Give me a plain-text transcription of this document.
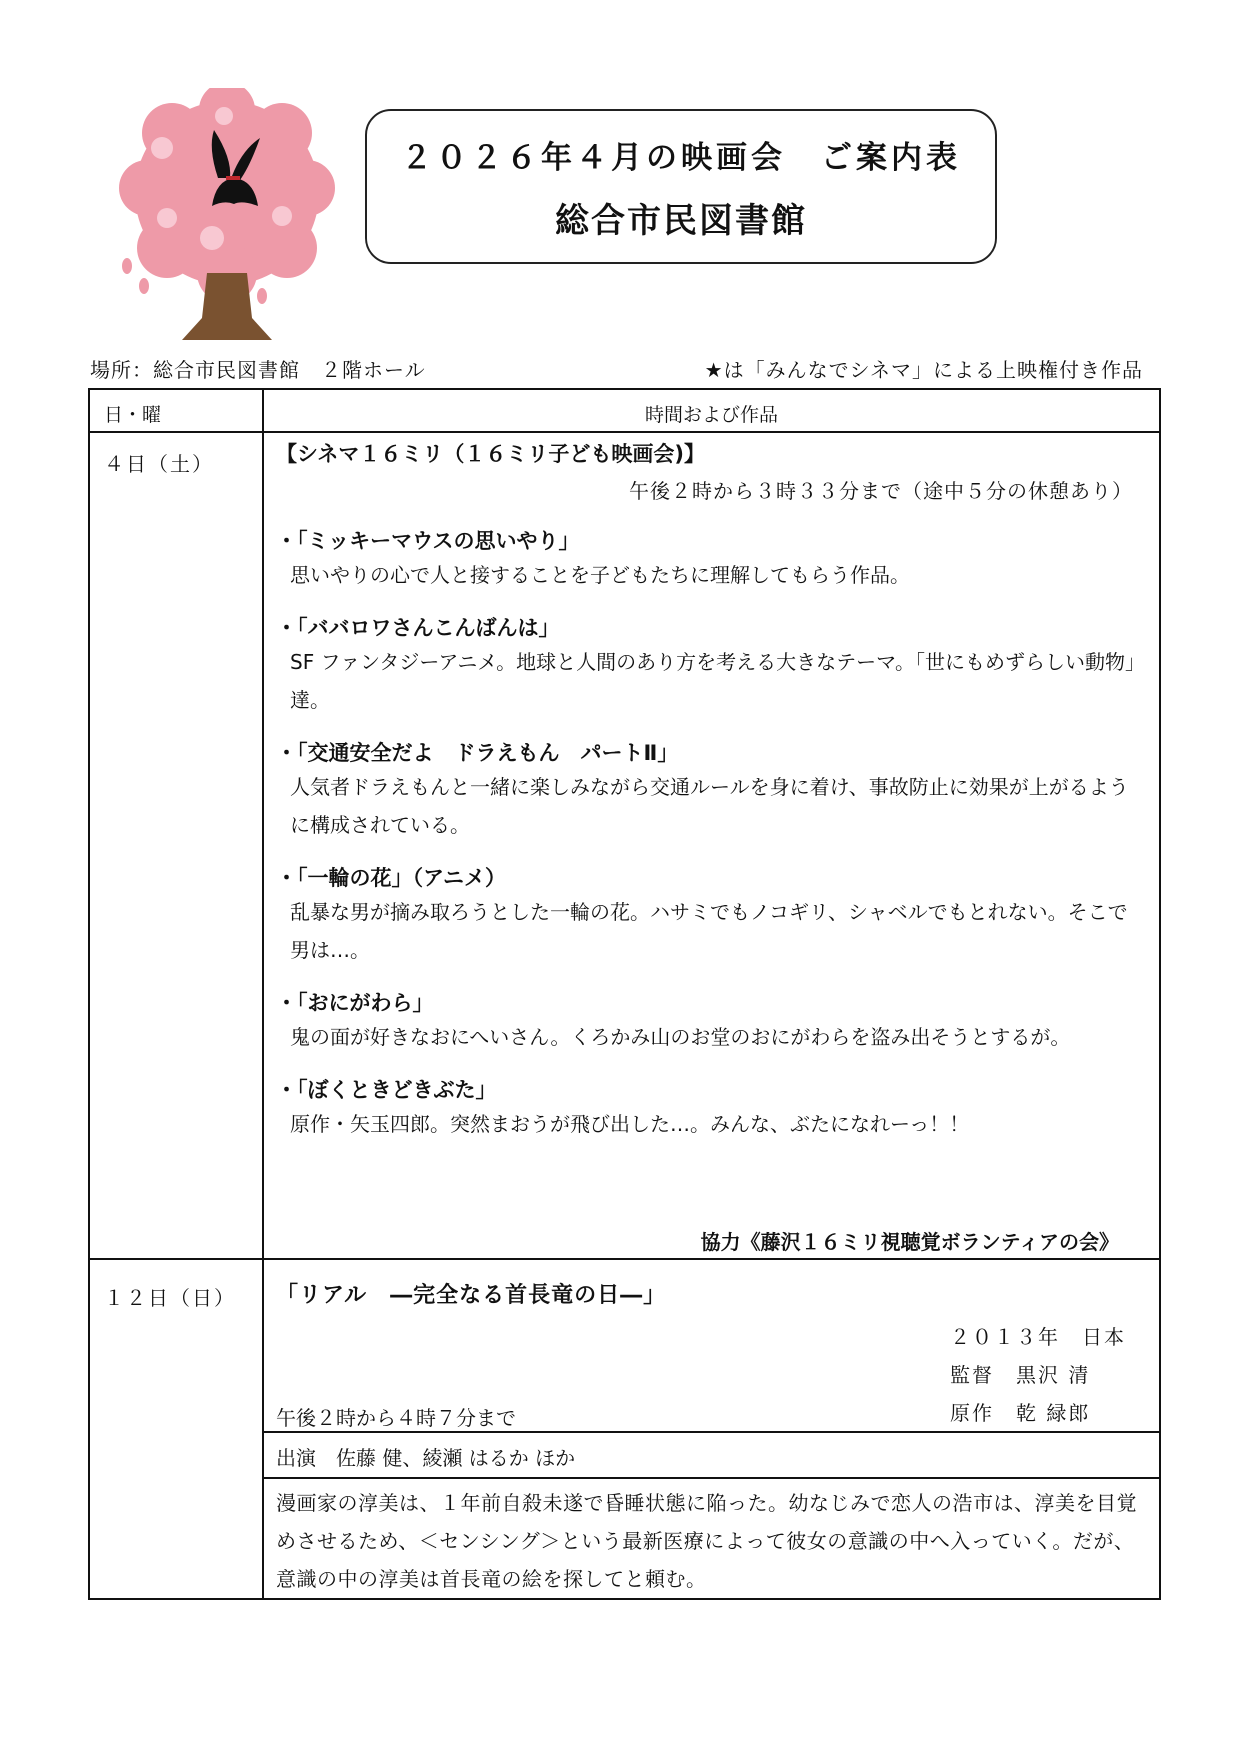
２０２６年４月の映画会　ご案内表
総合市民図書館
場所：総合市民図書館　２階ホール	★は「みんなでシネマ」による上映権付き作品
日・曜	時間および作品
４日（土）	【シネマ１６ミリ（１６ミリ子ども映画会)】
午後２時から３時３３分まで（途中５分の休憩あり）
・「ミッキーマウスの思いやり」
思いやりの心で人と接することを子どもたちに理解してもらう作品。
・「ババロワさんこんばんは」
SF ファンタジーアニメ。地球と人間のあり方を考える大きなテーマ。「世にもめずらしい動物」達。
・「交通安全だよ　ドラえもん　パートⅡ」
人気者ドラえもんと一緒に楽しみながら交通ルールを身に着け、事故防止に効果が上がるように構成されている。
・「一輪の花」（アニメ）
乱暴な男が摘み取ろうとした一輪の花。ハサミでもノコギリ、シャベルでもとれない。そこで男は…。
・「おにがわら」
鬼の面が好きなおにへいさん。くろかみ山のお堂のおにがわらを盗み出そうとするが。
・「ぼくときどきぶた」
原作・矢玉四郎。突然まおうが飛び出した…。みんな、ぶたになれーっ！！
協力《藤沢１６ミリ視聴覚ボランティアの会》
１２日（日） 「リアル　―完全なる首長竜の日―」
２０１３年　日本
監督　黒沢 清
原作　乾 緑郎
午後２時から４時７分まで
出演　佐藤 健、綾瀬 はるか ほか
漫画家の淳美は、１年前自殺未遂で昏睡状態に陥った。幼なじみで恋人の浩市は、淳美を目覚めさせるため、＜センシング＞という最新医療によって彼女の意識の中へ入っていく。だが、意識の中の淳美は首長竜の絵を探してと頼む。
